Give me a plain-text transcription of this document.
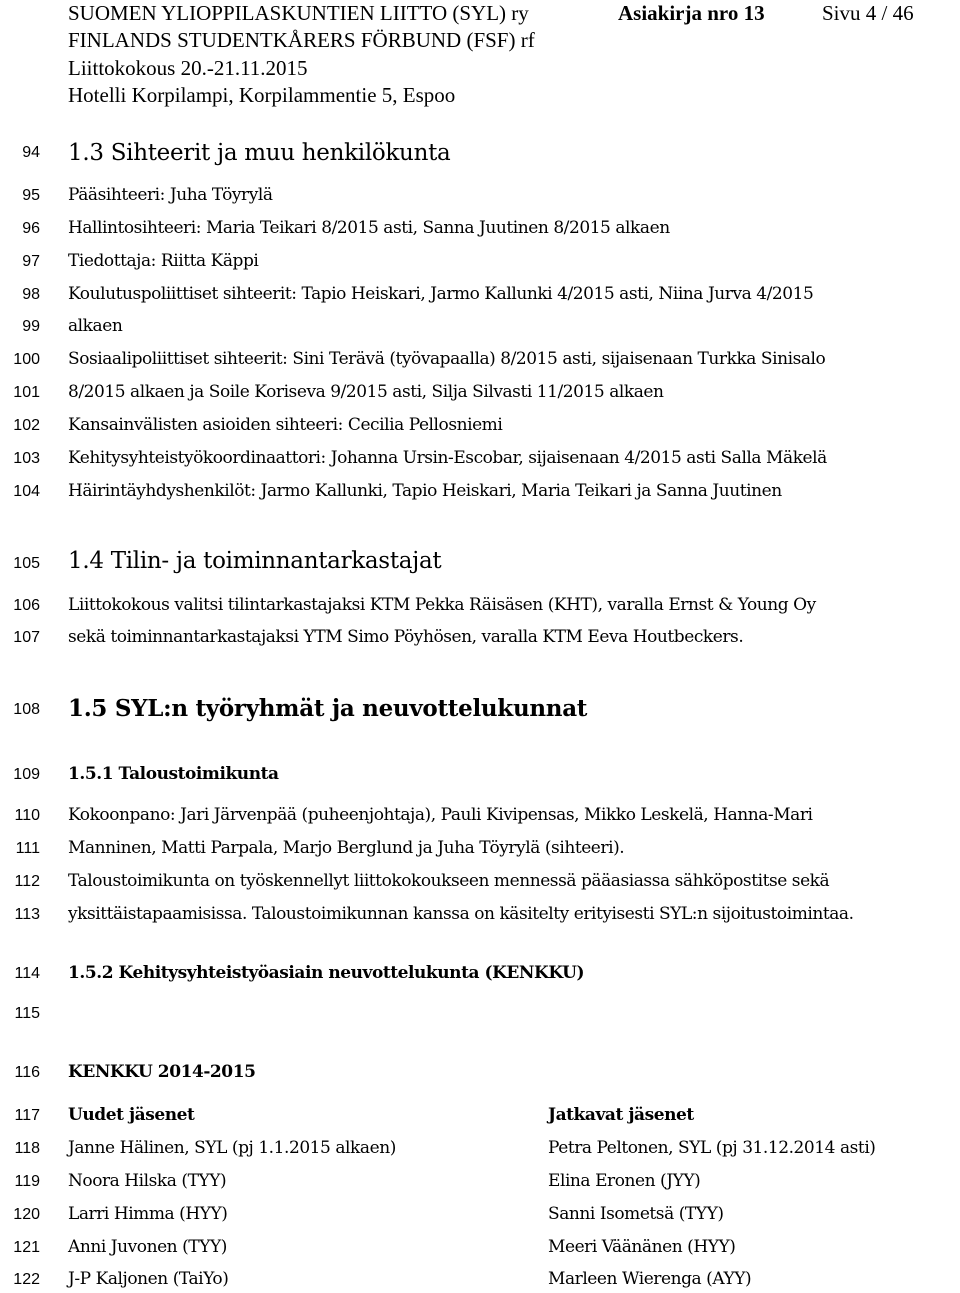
SUOMEN YLIOPPILASKUNTIEN LIITTO (SYL) ry
FINLANDS STUDENTKÅRERS FÖRBUND (FSF) rf
Liittokokous 20.-21.11.2015
Hotelli Korpilampi, Korpilammentie 5, Espoo
Asiakirja nro 13	Sivu 4 / 46
94 1.3 Sihteerit ja muu henkilökunta
95 Pääsihteeri: Juha Töyrylä
96 Hallintosihteeri: Maria Teikari 8/2015 asti, Sanna Juutinen 8/2015 alkaen
97 Tiedottaja: Riitta Käppi
98 Koulutuspoliittiset sihteerit: Tapio Heiskari, Jarmo Kallunki 4/2015 asti, Niina Jurva 4/2015
99 alkaen
100 Sosiaalipoliittiset sihteerit: Sini Terävä (työvapaalla) 8/2015 asti, sijaisenaan Turkka Sinisalo
101 8/2015 alkaen ja Soile Koriseva 9/2015 asti, Silja Silvasti 11/2015 alkaen
102 Kansainvälisten asioiden sihteeri: Cecilia Pellosniemi
103 Kehitysyhteistyökoordinaattori: Johanna Ursin-Escobar, sijaisenaan 4/2015 asti Salla Mäkelä
104 Häirintäyhdyshenkilöt: Jarmo Kallunki, Tapio Heiskari, Maria Teikari ja Sanna Juutinen
105 1.4 Tilin- ja toiminnantarkastajat
106 Liittokokous valitsi tilintarkastajaksi KTM Pekka Räisäsen (KHT), varalla Ernst & Young Oy
107 sekä toiminnantarkastajaksi YTM Simo Pöyhösen, varalla KTM Eeva Houtbeckers.
108 1.5 SYL:n työryhmät ja neuvottelukunnat
109 1.5.1 Taloustoimikunta
110 Kokoonpano: Jari Järvenpää (puheenjohtaja), Pauli Kivipensas, Mikko Leskelä, Hanna-Mari
111 Manninen, Matti Parpala, Marjo Berglund ja Juha Töyrylä (sihteeri).
112 Taloustoimikunta on työskennellyt liittokokoukseen mennessä pääasiassa sähköpostitse sekä
113 yksittäistapaamisissa. Taloustoimikunnan kanssa on käsitelty erityisesti SYL:n sijoitustoimintaa.
114 1.5.2 Kehitysyhteistyöasiain neuvottelukunta (KENKKU)
115
116 KENKKU 2014-2015
117 Uudet jäsenet	Jatkavat jäsenet
118 Janne Hälinen, SYL (pj 1.1.2015 alkaen)	Petra Peltonen, SYL (pj 31.12.2014 asti)
119 Noora Hilska (TYY)	Elina Eronen (JYY)
120 Larri Himma (HYY)	Sanni Isometsä (TYY)
121 Anni Juvonen (TYY)	Meeri Väänänen (HYY)
122 J-P Kaljonen (TaiYo)	Marleen Wierenga (AYY)
